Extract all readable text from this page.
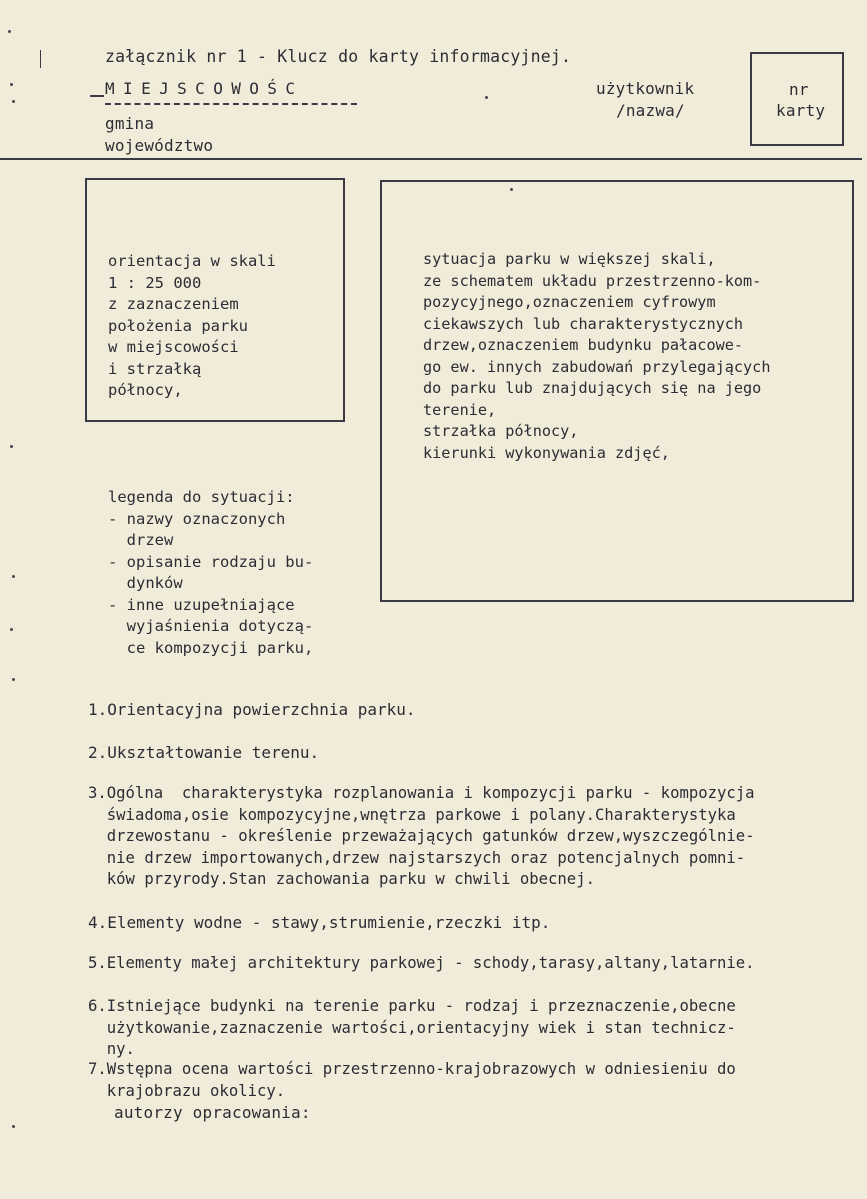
załącznik nr 1 - Klucz do karty informacyjnej.
MIEJSCOWOŚC
gmina
województwo
użytkownik
/nazwa/
nr
karty

orientacja w skali
1 : 25 000
z zaznaczeniem
położenia parku
w miejscowości
i strzałką
północy,

legenda do sytuacji:
- nazwy oznaczonych
drzew
- opisanie rodzaju bu-
dynków
- inne uzupełniające
wyjaśnienia dotyczą-
ce kompozycji parku,

sytuacja parku w większej skali,
ze schematem układu przestrzenno-kom-
pozycyjnego,oznaczeniem cyfrowym
ciekawszych lub charakterystycznych
drzew,oznaczeniem budynku pałacowe-
go ew. innych zabudowań przylegających
do parku lub znajdujących się na jego
terenie,
strzałka północy,
kierunki wykonywania zdjęć,

1.Orientacyjna powierzchnia parku.

2.Ukształtowanie terenu.

3.Ogólna  charakterystyka rozplanowania i kompozycji parku - kompozycja
świadoma,osie kompozycyjne,wnętrza parkowe i polany.Charakterystyka
drzewostanu - określenie przeważających gatunków drzew,wyszczególnie-
nie drzew importowanych,drzew najstarszych oraz potencjalnych pomni-
ków przyrody.Stan zachowania parku w chwili obecnej.

4.Elementy wodne - stawy,strumienie,rzeczki itp.

5.Elementy małej architektury parkowej - schody,tarasy,altany,latarnie.

6.Istniejące budynki na terenie parku - rodzaj i przeznaczenie,obecne
użytkowanie,zaznaczenie wartości,orientacyjny wiek i stan technicz-
ny.

7.Wstępna ocena wartości przestrzenno-krajobrazowych w odniesieniu do
krajobrazu okolicy.

autorzy opracowania:
